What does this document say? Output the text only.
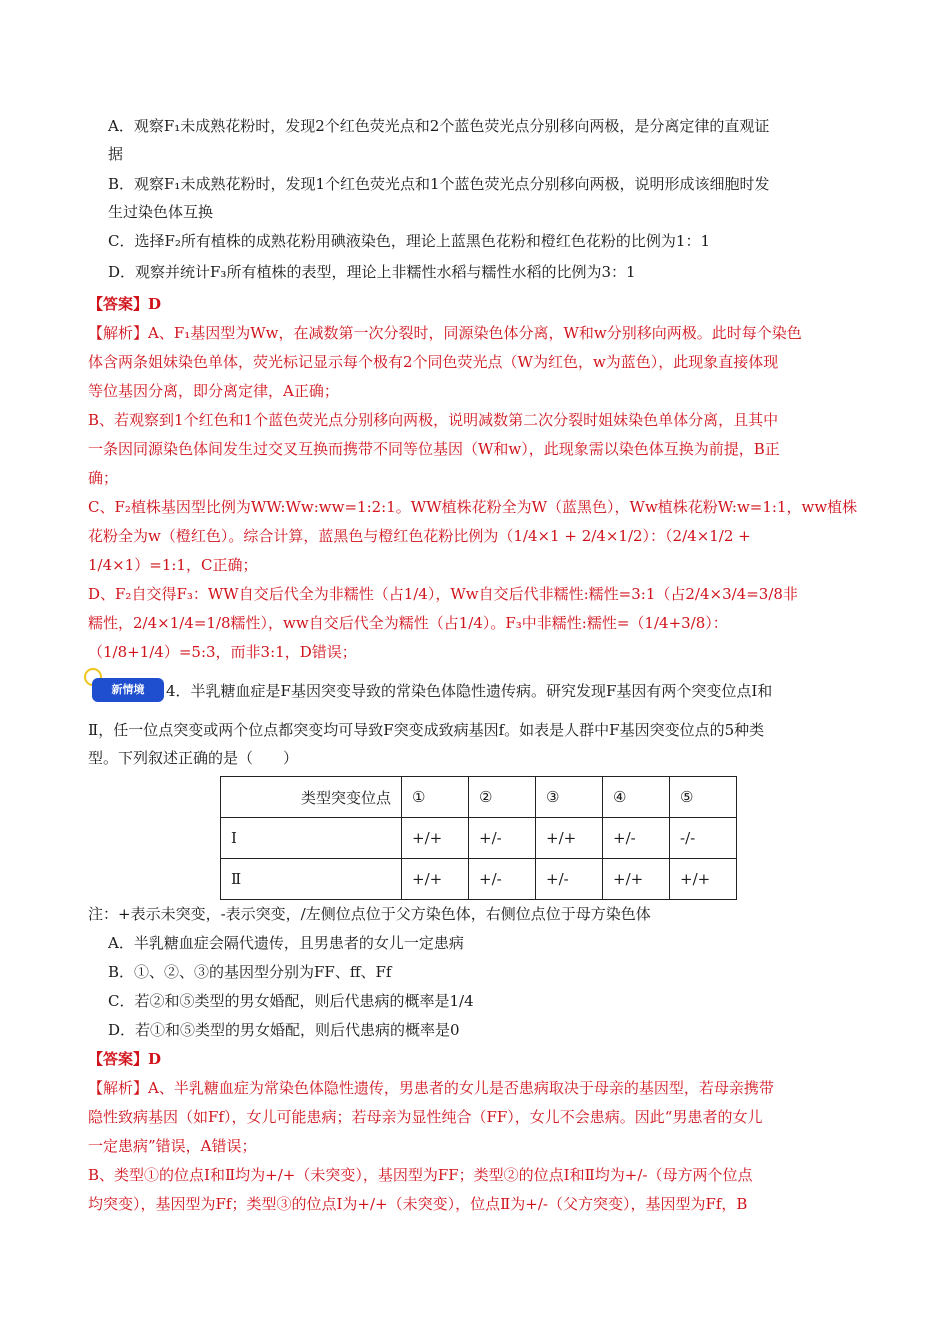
A．观察F₁未成熟花粉时，发现2个红色荧光点和2个蓝色荧光点分别移向两极，是分离定律的直观证
据
B．观察F₁未成熟花粉时，发现1个红色荧光点和1个蓝色荧光点分别移向两极，说明形成该细胞时发
生过染色体互换
C．选择F₂所有植株的成熟花粉用碘液染色，理论上蓝黑色花粉和橙红色花粉的比例为1：1
D．观察并统计F₃所有植株的表型，理论上非糯性水稻与糯性水稻的比例为3：1
【答案】D
【解析】A、F₁基因型为Ww，在减数第一次分裂时，同源染色体分离，W和w分别移向两极。此时每个染色
体含两条姐妹染色单体，荧光标记显示每个极有2个同色荧光点（W为红色，w为蓝色），此现象直接体现
等位基因分离，即分离定律，A正确；
B、若观察到1个红色和1个蓝色荧光点分别移向两极，说明减数第二次分裂时姐妹染色单体分离，且其中
一条因同源染色体间发生过交叉互换而携带不同等位基因（W和w），此现象需以染色体互换为前提，B正
确；
C、F₂植株基因型比例为WW:Ww:ww=1:2:1。WW植株花粉全为W（蓝黑色），Ww植株花粉W:w=1:1，ww植株
花粉全为w（橙红色）。综合计算，蓝黑色与橙红色花粉比例为（1/4×1 + 2/4×1/2）：（2/4×1/2 +
1/4×1）=1:1，C正确；
D、F₂自交得F₃：WW自交后代全为非糯性（占1/4），Ww自交后代非糯性:糯性=3:1（占2/4×3/4=3/8非
糯性，2/4×1/4=1/8糯性），ww自交后代全为糯性（占1/4）。F₃中非糯性:糯性=（1/4+3/8）：
（1/8+1/4）=5:3，而非3:1，D错误；
新情境	4．半乳糖血症是F基因突变导致的常染色体隐性遗传病。研究发现F基因有两个突变位点Ⅰ和
Ⅱ，任一位点突变或两个位点都突变均可导致F突变成致病基因f。如表是人群中F基因突变位点的5种类
型。下列叙述正确的是（　　）
类型突变位点	①	②	③	④	⑤
Ⅰ	+/+	+/-	+/+	+/-	-/-
Ⅱ	+/+	+/-	+/-	+/+	+/+
注：+表示未突变，-表示突变，/左侧位点位于父方染色体，右侧位点位于母方染色体
A．半乳糖血症会隔代遗传，且男患者的女儿一定患病
B．①、②、③的基因型分别为FF、ff、Ff
C．若②和⑤类型的男女婚配，则后代患病的概率是1/4
D．若①和⑤类型的男女婚配，则后代患病的概率是0
【答案】D
【解析】A、半乳糖血症为常染色体隐性遗传，男患者的女儿是否患病取决于母亲的基因型，若母亲携带
隐性致病基因（如Ff），女儿可能患病；若母亲为显性纯合（FF），女儿不会患病。因此“男患者的女儿
一定患病”错误，A错误；
B、类型①的位点Ⅰ和Ⅱ均为+/+（未突变），基因型为FF；类型②的位点Ⅰ和Ⅱ均为+/-（母方两个位点
均突变），基因型为Ff；类型③的位点Ⅰ为+/+（未突变），位点Ⅱ为+/-（父方突变），基因型为Ff，B
